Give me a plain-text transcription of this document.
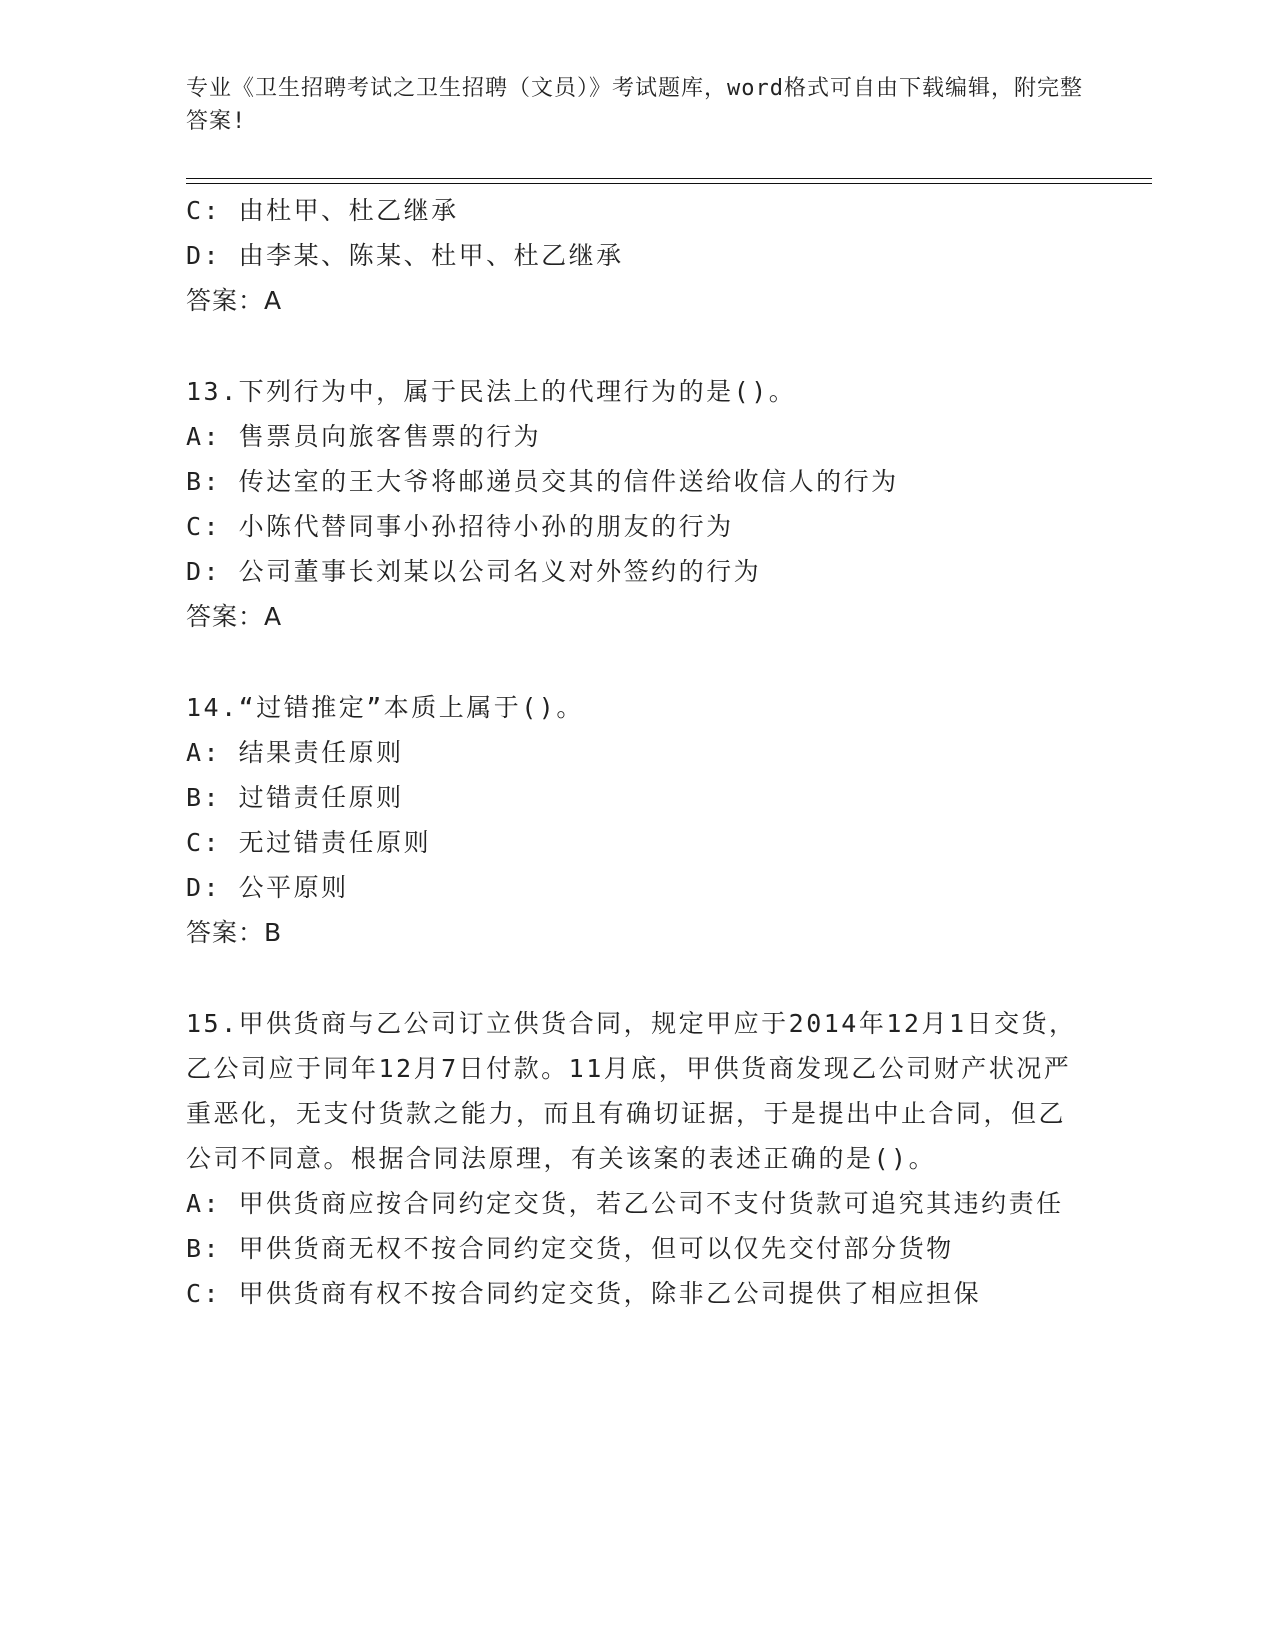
专业《卫生招聘考试之卫生招聘（文员）》考试题库，word格式可自由下载编辑，附完整答案!
C: 由杜甲、杜乙继承
D: 由李某、陈某、杜甲、杜乙继承
答案：A
13.下列行为中，属于民法上的代理行为的是()。
A: 售票员向旅客售票的行为
B: 传达室的王大爷将邮递员交其的信件送给收信人的行为
C: 小陈代替同事小孙招待小孙的朋友的行为
D: 公司董事长刘某以公司名义对外签约的行为
答案：A
14.“过错推定”本质上属于()。
A: 结果责任原则
B: 过错责任原则
C: 无过错责任原则
D: 公平原则
答案：B
15.甲供货商与乙公司订立供货合同，规定甲应于2014年12月1日交货，乙公司应于同年12月7日付款。11月底，甲供货商发现乙公司财产状况严重恶化，无支付货款之能力，而且有确切证据，于是提出中止合同，但乙公司不同意。根据合同法原理，有关该案的表述正确的是()。
A: 甲供货商应按合同约定交货，若乙公司不支付货款可追究其违约责任
B: 甲供货商无权不按合同约定交货，但可以仅先交付部分货物
C: 甲供货商有权不按合同约定交货，除非乙公司提供了相应担保
